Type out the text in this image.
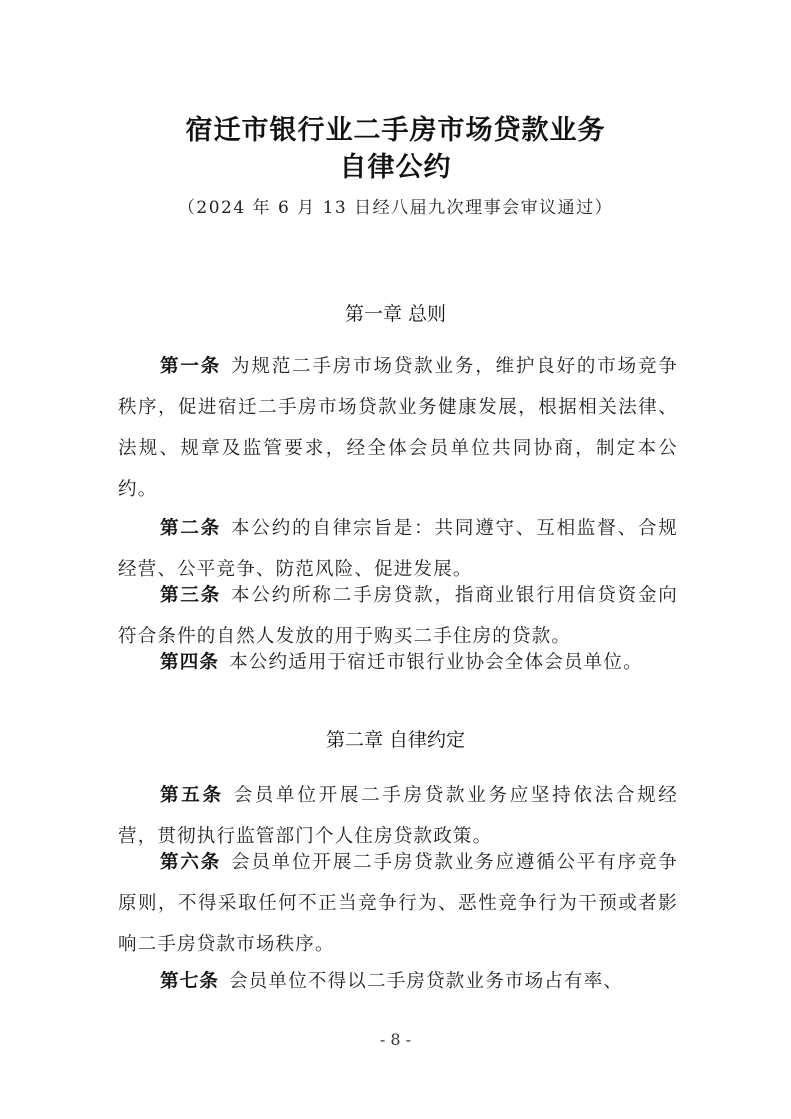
宿迁市银行业二手房市场贷款业务
自律公约
（2024 年 6 月 13 日经八届九次理事会审议通过）
第一章 总则
第一条 为规范二手房市场贷款业务，维护良好的市场竞争秩序，促进宿迁二手房市场贷款业务健康发展，根据相关法律、法规、规章及监管要求，经全体会员单位共同协商，制定本公约。
第二条 本公约的自律宗旨是：共同遵守、互相监督、合规经营、公平竞争、防范风险、促进发展。
第三条 本公约所称二手房贷款，指商业银行用信贷资金向符合条件的自然人发放的用于购买二手住房的贷款。
第四条 本公约适用于宿迁市银行业协会全体会员单位。
第二章 自律约定
第五条 会员单位开展二手房贷款业务应坚持依法合规经营，贯彻执行监管部门个人住房贷款政策。
第六条 会员单位开展二手房贷款业务应遵循公平有序竞争原则，不得采取任何不正当竞争行为、恶性竞争行为干预或者影响二手房贷款市场秩序。
第七条 会员单位不得以二手房贷款业务市场占有率、
- 8 -
